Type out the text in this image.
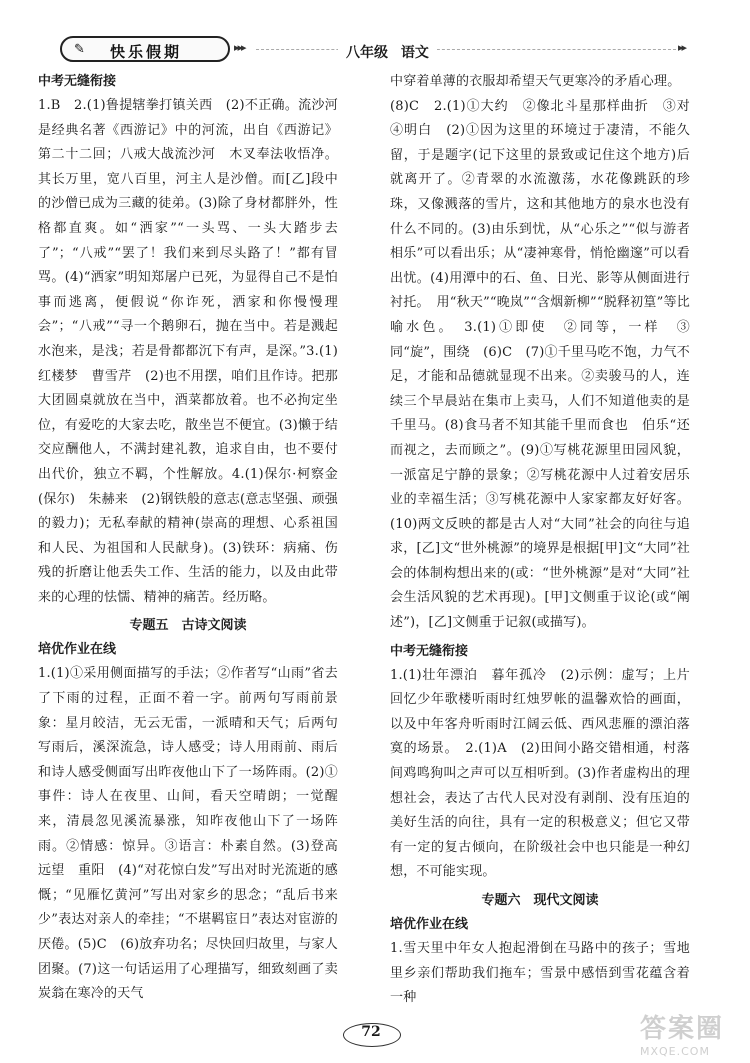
✎ 快乐假期	▸▸▸	八年级 语文	▸▸
中考无缝衔接

1.B　2.(1)鲁提辖拳打镇关西　(2)不正确。流沙河是经典名著《西游记》中的河流，出自《西游记》第二十二回；八戒大战流沙河　木叉奉法收悟净。其长万里，宽八百里，河主人是沙僧。而[乙]段中的沙僧已成为三藏的徒弟。(3)除了身材都胖外，性格都直爽。如“洒家”“一头骂、一头大踏步去了”；“八戒”“罢了！我们来到尽头路了！”都有冒骂。(4)“洒家”明知郑屠户已死，为显得自己不是怕事而逃离，便假说“你诈死，洒家和你慢慢理会”；“八戒”“寻一个鹅卵石，抛在当中。若是溅起水泡来，是浅；若是骨都都沉下有声，是深。”3.(1)红楼梦　曹雪芹　(2)也不用摆，咱们且作诗。把那大团圆桌就放在当中，酒菜都放着。也不必拘定坐位，有爱吃的大家去吃，散坐岂不便宜。(3)懒于结交应酬他人，不满封建礼教，追求自由，也不要付出代价，独立不羁，个性解放。4.(1)保尔·柯察金(保尔)　朱赫来　(2)钢铁般的意志(意志坚强、顽强的毅力)；无私奉献的精神(崇高的理想、心系祖国和人民、为祖国和人民献身)。(3)铁环：病痛、伤残的折磨让他丢失工作、生活的能力，以及由此带来的心理的怯懦、精神的痛苦。经历略。

专题五　古诗文阅读
培优作业在线

1.(1)①采用侧面描写的手法；②作者写“山雨”省去了下雨的过程，正面不着一字。前两句写雨前景象：星月皎洁，无云无雷，一派晴和天气；后两句写雨后，溪深流急，诗人感受；诗人用雨前、雨后和诗人感受侧面写出昨夜他山下了一场阵雨。(2)①事件：诗人在夜里、山间，看天空晴朗；一觉醒来，清晨忽见溪流暴涨，知昨夜他山下了一场阵雨。②情感：惊异。③语言：朴素自然。(3)登高　远望　重阳　(4)“对花惊白发”写出对时光流逝的感慨；“见雁忆黄河”写出对家乡的思念；“乱后书来少”表达对亲人的牵挂；“不堪羁宦日”表达对宦游的厌倦。(5)C　(6)放弃功名；尽快回归故里，与家人团聚。(7)这一句话运用了心理描写，细致刻画了卖炭翁在寒冷的天气

中穿着单薄的衣服却希望天气更寒冷的矛盾心理。

(8)C　2.(1)①大约　②像北斗星那样曲折　③对　④明白　(2)①因为这里的环境过于凄清，不能久留，于是题字(记下这里的景致或记住这个地方)后就离开了。②青翠的水流激荡，水花像跳跃的珍珠，又像溅落的雪片，这和其他地方的泉水也没有什么不同的。(3)由乐到忧，从“心乐之”“似与游者相乐”可以看出乐；从“凄神寒骨，悄怆幽邃”可以看出忧。(4)用潭中的石、鱼、日光、影等从侧面进行衬托。　用“秋天”“晚岚”“含烟新柳”“脱释初篁”等比喻水色。　3.(1)①即使　②同等，一样　③同“旋”，围绕　(6)C　(7)①千里马吃不饱，力气不足，才能和品德就显现不出来。②卖骏马的人，连续三个早晨站在集市上卖马，人们不知道他卖的是千里马。(8)食马者不知其能千里而食也　伯乐“还而视之，去而顾之”。(9)①写桃花源里田园风貌，一派富足宁静的景象；②写桃花源中人过着安居乐业的幸福生活；③写桃花源中人家家都友好好客。(10)两文反映的都是古人对“大同”社会的向往与追求，[乙]文“世外桃源”的境界是根据[甲]文“大同”社会的体制构想出来的(或：“世外桃源”是对“大同”社会生活风貌的艺术再现)。[甲]文侧重于议论(或“阐述”)，[乙]文侧重于记叙(或描写)。

中考无缝衔接

1.(1)壮年漂泊　暮年孤冷　(2)示例：虚写；上片回忆少年歌楼听雨时红烛罗帐的温馨欢恰的画面，以及中年客舟听雨时江阔云低、西风悲雁的漂泊落寞的场景。　2.(1)A　(2)田间小路交错相通，村落间鸡鸣狗叫之声可以互相听到。(3)作者虚构出的理想社会，表达了古代人民对没有剥削、没有压迫的美好生活的向往，具有一定的积极意义；但它又带有一定的复古倾向，在阶级社会中也只能是一种幻想，不可能实现。

专题六　现代文阅读
培优作业在线

1.雪天里中年女人抱起滑倒在马路中的孩子；雪地里乡亲们帮助我们拖车；雪景中感悟到雪花蕴含着一种

72	答案圈
MXQE.COM
